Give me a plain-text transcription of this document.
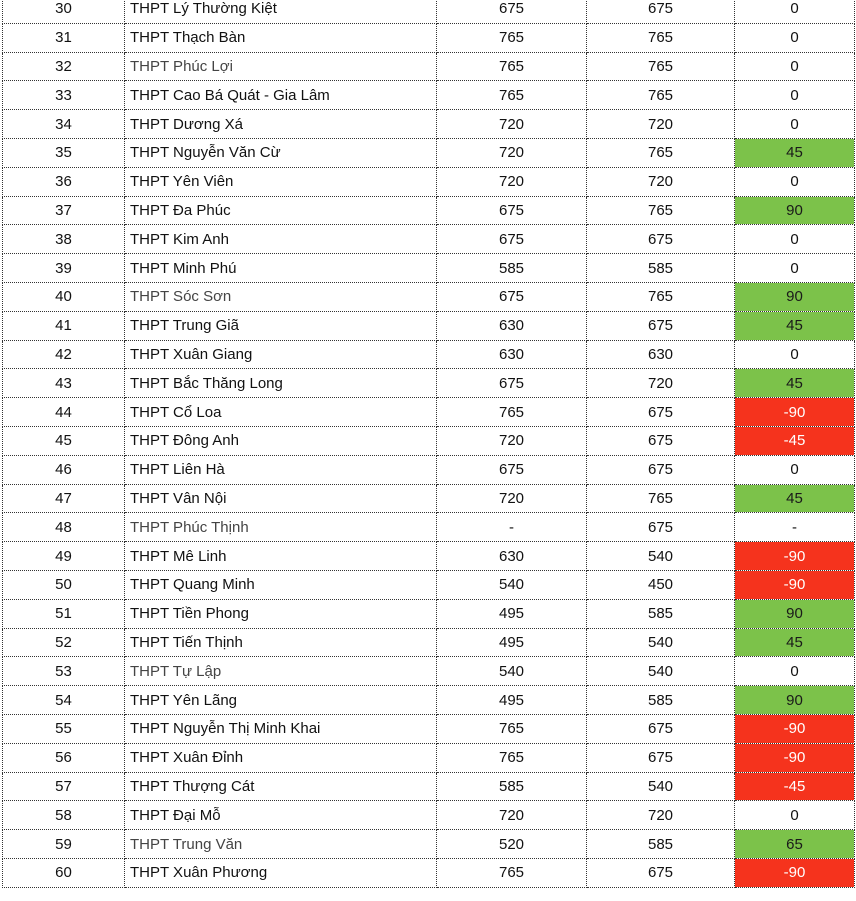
30	THPT Lý Thường Kiệt	675	675	0
31	THPT Thạch Bàn	765	765	0
32	THPT Phúc Lợi	765	765	0
33	THPT Cao Bá Quát - Gia Lâm	765	765	0
34	THPT Dương Xá	720	720	0
35	THPT Nguyễn Văn Cừ	720	765	45
36	THPT Yên Viên	720	720	0
37	THPT Đa Phúc	675	765	90
38	THPT Kim Anh	675	675	0
39	THPT Minh Phú	585	585	0
40	THPT Sóc Sơn	675	765	90
41	THPT Trung Giã	630	675	45
42	THPT Xuân Giang	630	630	0
43	THPT Bắc Thăng Long	675	720	45
44	THPT Cổ Loa	765	675	-90
45	THPT Đông Anh	720	675	-45
46	THPT Liên Hà	675	675	0
47	THPT Vân Nội	720	765	45
48	THPT Phúc Thịnh	-	675	-
49	THPT Mê Linh	630	540	-90
50	THPT Quang Minh	540	450	-90
51	THPT Tiền Phong	495	585	90
52	THPT Tiến Thịnh	495	540	45
53	THPT Tự Lập	540	540	0
54	THPT Yên Lãng	495	585	90
55	THPT Nguyễn Thị Minh Khai	765	675	-90
56	THPT Xuân Đỉnh	765	675	-90
57	THPT Thượng Cát	585	540	-45
58	THPT Đại Mỗ	720	720	0
59	THPT Trung Văn	520	585	65
60	THPT Xuân Phương	765	675	-90
